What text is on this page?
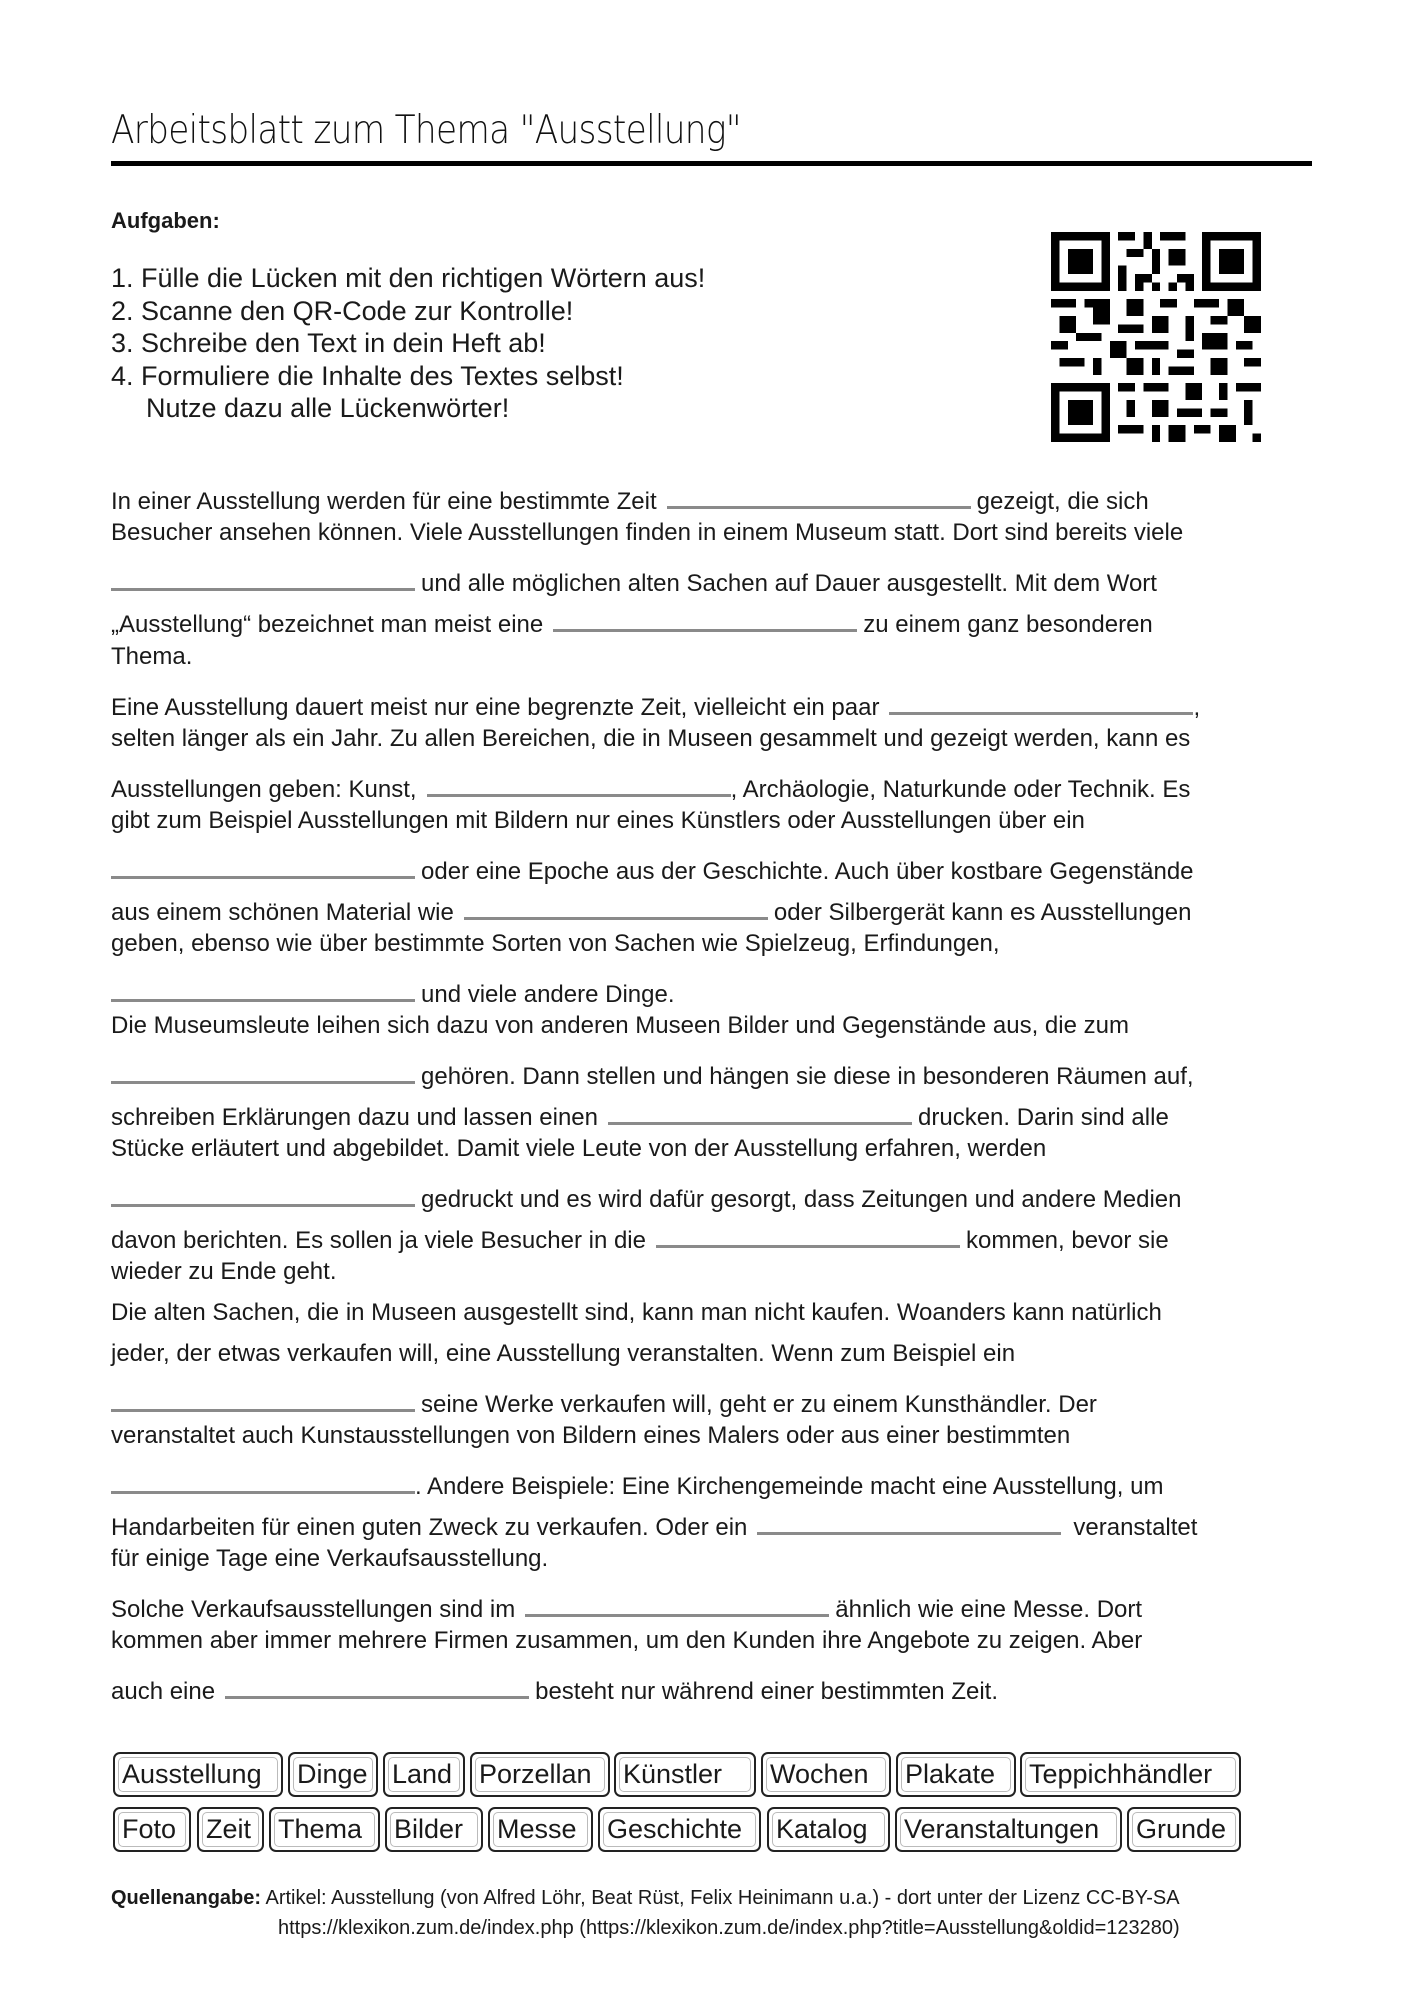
Arbeitsblatt zum Thema "Ausstellung"
Aufgaben:
1. Fülle die Lücken mit den richtigen Wörtern aus!
2. Scanne den QR-Code zur Kontrolle!
3. Schreibe den Text in dein Heft ab!
4. Formuliere die Inhalte des Textes selbst!
Nutze dazu alle Lückenwörter!
In einer Ausstellung werden für eine bestimmte Zeit	gezeigt, die sich
Besucher ansehen können. Viele Ausstellungen finden in einem Museum statt. Dort sind bereits viele
und alle möglichen alten Sachen auf Dauer ausgestellt. Mit dem Wort
„Ausstellung“ bezeichnet man meist eine	zu einem ganz besonderen
Thema.
Eine Ausstellung dauert meist nur eine begrenzte Zeit, vielleicht ein paar	,
selten länger als ein Jahr. Zu allen Bereichen, die in Museen gesammelt und gezeigt werden, kann es
Ausstellungen geben: Kunst,	, Archäologie, Naturkunde oder Technik. Es
gibt zum Beispiel Ausstellungen mit Bildern nur eines Künstlers oder Ausstellungen über ein
oder eine Epoche aus der Geschichte. Auch über kostbare Gegenstände
aus einem schönen Material wie	oder Silbergerät kann es Ausstellungen
geben, ebenso wie über bestimmte Sorten von Sachen wie Spielzeug, Erfindungen,
und viele andere Dinge.
Die Museumsleute leihen sich dazu von anderen Museen Bilder und Gegenstände aus, die zum
gehören. Dann stellen und hängen sie diese in besonderen Räumen auf,
schreiben Erklärungen dazu und lassen einen	drucken. Darin sind alle
Stücke erläutert und abgebildet. Damit viele Leute von der Ausstellung erfahren, werden
gedruckt und es wird dafür gesorgt, dass Zeitungen und andere Medien
davon berichten. Es sollen ja viele Besucher in die	kommen, bevor sie
wieder zu Ende geht.
Die alten Sachen, die in Museen ausgestellt sind, kann man nicht kaufen. Woanders kann natürlich
jeder, der etwas verkaufen will, eine Ausstellung veranstalten. Wenn zum Beispiel ein
seine Werke verkaufen will, geht er zu einem Kunsthändler. Der
veranstaltet auch Kunstausstellungen von Bildern eines Malers oder aus einer bestimmten
. Andere Beispiele: Eine Kirchengemeinde macht eine Ausstellung, um
Handarbeiten für einen guten Zweck zu verkaufen. Oder ein	veranstaltet
für einige Tage eine Verkaufsausstellung.
Solche Verkaufsausstellungen sind im	ähnlich wie eine Messe. Dort
kommen aber immer mehrere Firmen zusammen, um den Kunden ihre Angebote zu zeigen. Aber
auch eine	besteht nur während einer bestimmten Zeit.
Ausstellung	Dinge Land Porzellan	Künstler	Wochen	Plakate	Teppichhändler
Foto	Zeit Thema	Bilder	Messe	Geschichte	Katalog	Veranstaltungen	Grunde
Quellenangabe: Artikel: Ausstellung (von Alfred Löhr, Beat Rüst, Felix Heinimann u.a.) - dort unter der Lizenz CC-BY-SA
https://klexikon.zum.de/index.php (https://klexikon.zum.de/index.php?title=Ausstellung&oldid=123280)
